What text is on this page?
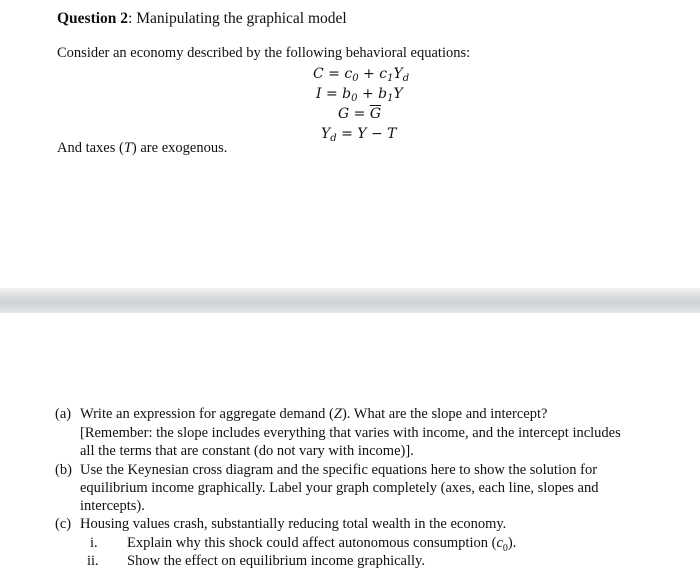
Question 2: Manipulating the graphical model
Consider an economy described by the following behavioral equations:
$C = c_0 + c_1Y_d$
$I = b_0 + b_1Y$
$G = \overline{G}$
$Y_d = Y - T$
And taxes (T) are exogenous.
(a) Write an expression for aggregate demand (Z). What are the slope and intercept?
[Remember: the slope includes everything that varies with income, and the intercept includes
all the terms that are constant (do not vary with income)].
(b) Use the Keynesian cross diagram and the specific equations here to show the solution for
equilibrium income graphically. Label your graph completely (axes, each line, slopes and
intercepts).
(c) Housing values crash, substantially reducing total wealth in the economy.
i. Explain why this shock could affect autonomous consumption $(c_0)$.
ii. Show the effect on equilibrium income graphically.
